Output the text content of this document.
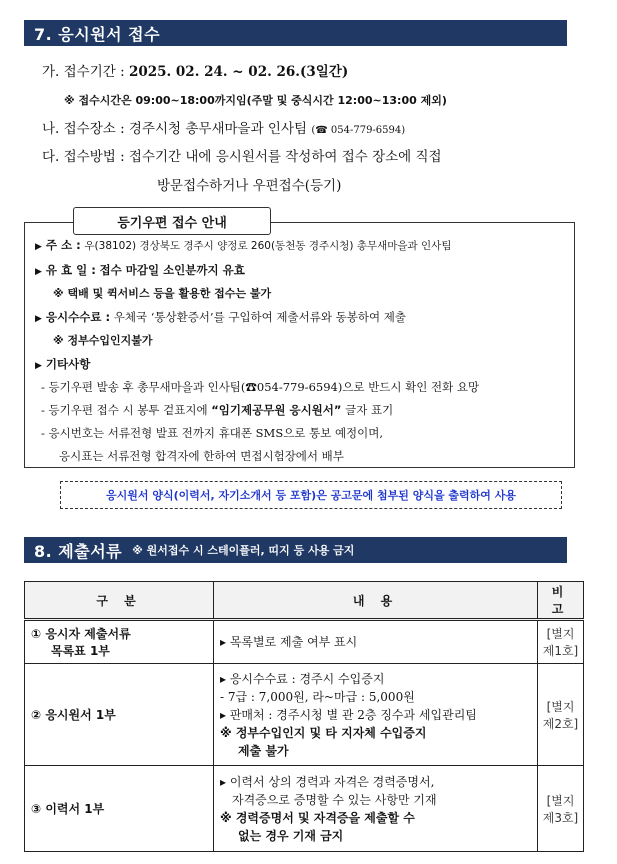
7. 응시원서 접수
가. 접수기간 : 2025. 02. 24. ~ 02. 26.(3일간)
※ 접수시간은 09:00~18:00까지임(주말 및 중식시간 12:00~13:00 제외)
나. 접수장소 : 경주시청 총무새마을과 인사팀 (☎ 054-779-6594)
다. 접수방법 : 접수기간 내에 응시원서를 작성하여 접수 장소에 직접
방문접수하거나 우편접수(등기)
▶ 주 소 : 우(38102) 경상북도 경주시 양정로 260(동천동 경주시청) 총무새마을과 인사팀
▶ 유 효 일 : 접수 마감일 소인분까지 유효
※ 택배 및 퀵서비스 등을 활용한 접수는 불가
▶ 응시수수료 : 우체국 ‘통상환증서’를 구입하여 제출서류와 동봉하여 제출
※ 정부수입인지불가
▶ 기타사항
- 등기우편 발송 후 총무새마을과 인사팀(☎054-779-6594)으로 반드시 확인 전화 요망
- 등기우편 접수 시 봉투 겉표지에 “임기제공무원 응시원서” 글자 표기
- 응시번호는 서류전형 발표 전까지 휴대폰 SMS으로 통보 예정이며,
응시표는 서류전형 합격자에 한하여 면접시험장에서 배부
등기우편 접수 안내
응시원서 양식(이력서, 자기소개서 등 포함)은 공고문에 첨부된 양식을 출력하여 사용
8. 제출서류 ※ 원서접수 시 스테이플러, 띠지 등 사용 금지
구 분	내 용	비 고

① 응시자 제출서류
목록표 1부	▸ 목록별로 제출 여부 표시	[별지 제1호]

② 응시원서 1부	▸ 응시수수료 : 경주시 수입증지
- 7급 : 7,000원, 라~마급 : 5,000원
▸ 판매처 : 경주시청 별 관 2층 징수과 세입관리팀
※ 정부수입인지 및 타 지자체 수입증지
제출 불가	[별지 제2호]

③ 이력서 1부	▸ 이력서 상의 경력과 자격은 경력증명서,
자격증으로 증명할 수 있는 사항만 기재
※ 경력증명서 및 자격증을 제출할 수
없는 경우 기재 금지	[별지 제3호]
